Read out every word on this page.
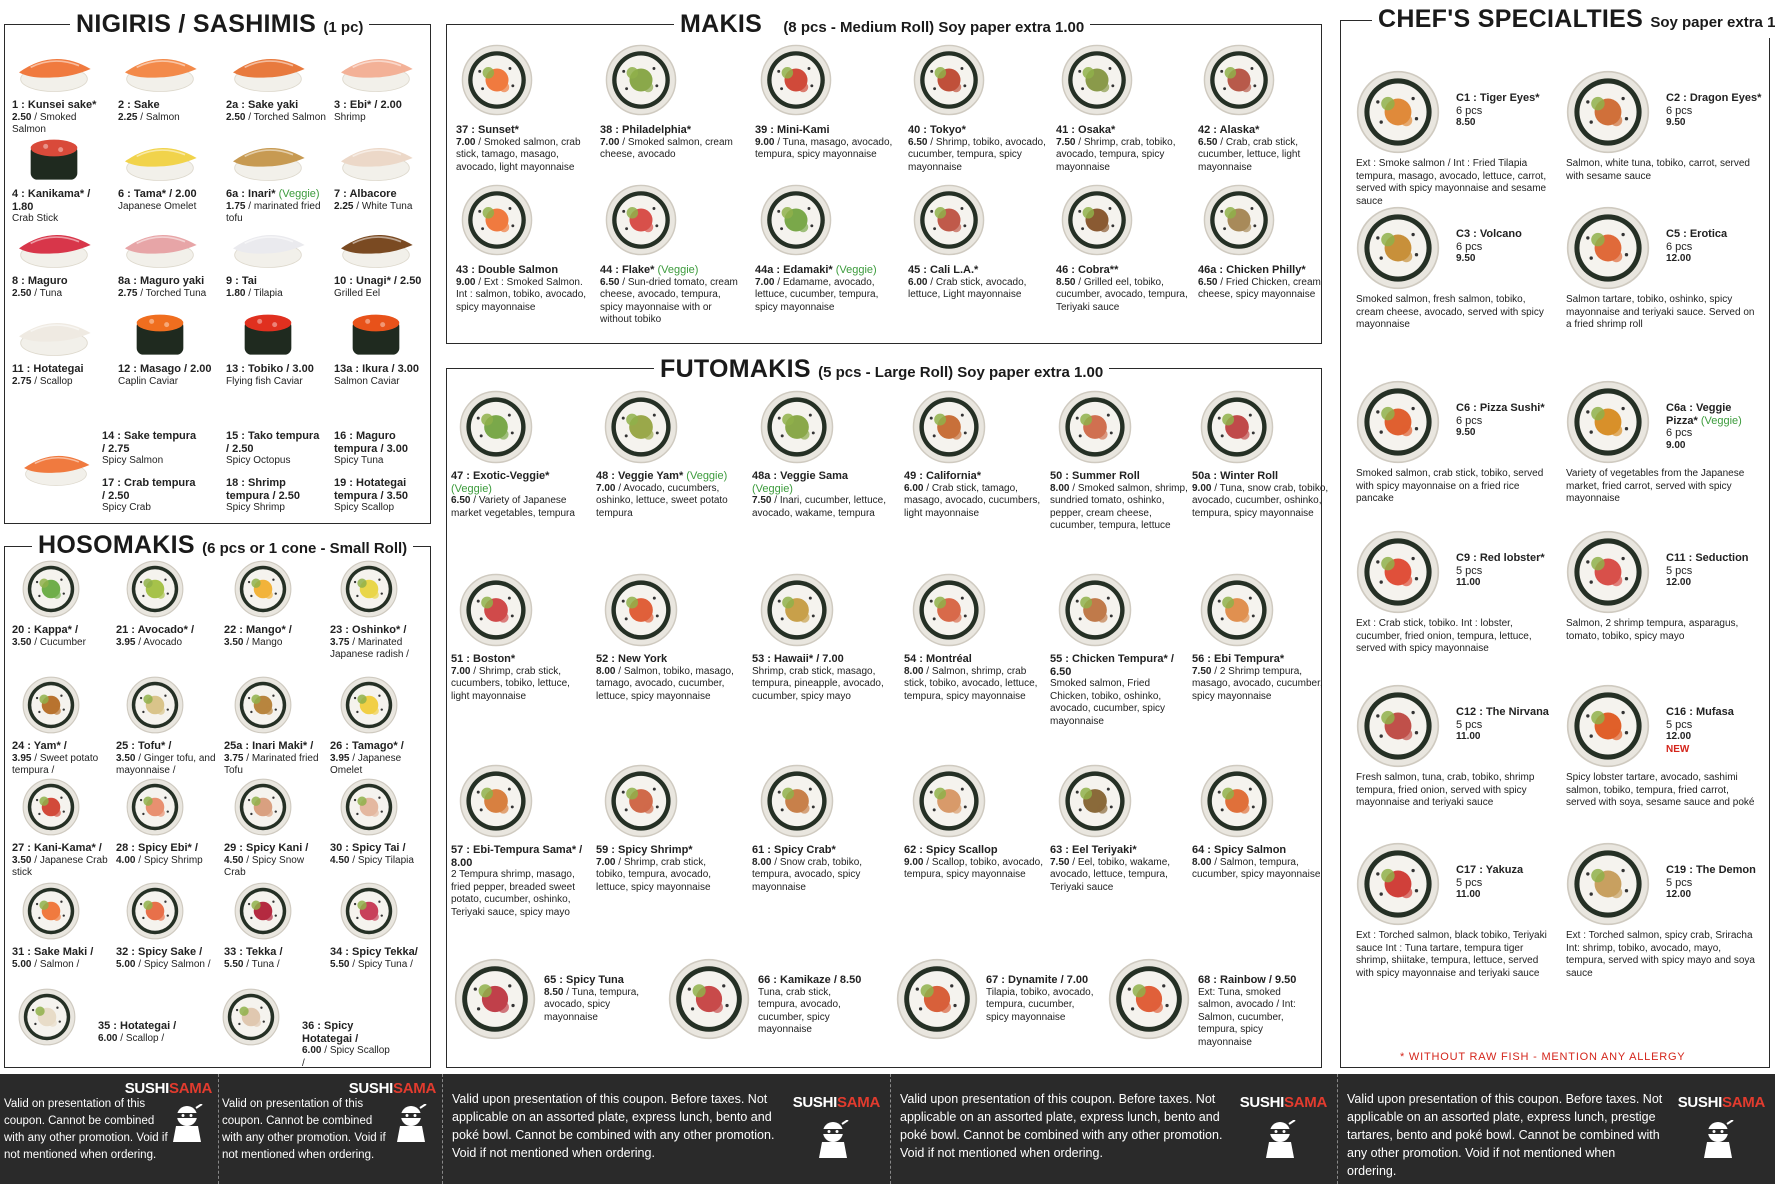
NIGIRIS / SASHIMIS (1 pc)
HOSOMAKIS (6 pcs or 1 cone - Small Roll)
MAKIS (8 pcs - Medium Roll) Soy paper extra 1.00
FUTOMAKIS (5 pcs - Large Roll) Soy paper extra 1.00
CHEF'S SPECIALTIES Soy paper extra 1
* WITHOUT RAW FISH - MENTION ANY ALLERGY
1 : Kunsei sake*
2.50 / Smoked Salmon
2 : Sake
2.25 / Salmon
2a : Sake yaki
2.50 / Torched Salmon
3 : Ebi* / 2.00
Shrimp
4 : Kanikama* / 1.80
Crab Stick
6 : Tama* / 2.00
Japanese Omelet
6a : Inari* (Veggie)
1.75 / marinated fried tofu
7 : Albacore
2.25 / White Tuna
8 : Maguro
2.50 / Tuna
8a : Maguro yaki
2.75 / Torched Tuna
9 : Tai
1.80 / Tilapia
10 : Unagi* / 2.50
Grilled Eel
11 : Hotategai
2.75 / Scallop
12 : Masago / 2.00
Caplin Caviar
13 : Tobiko / 3.00
Flying fish Caviar
13a : Ikura / 3.00
Salmon Caviar
14 : Sake tempura / 2.75
Spicy Salmon
15 : Tako tempura / 2.50
Spicy Octopus
16 : Maguro tempura / 3.00
Spicy Tuna
17 : Crab tempura / 2.50
Spicy Crab
18 : Shrimp tempura / 2.50
Spicy Shrimp
19 : Hotategai tempura / 3.50
Spicy Scallop
20 : Kappa* /
3.50 / Cucumber
21 : Avocado* /
3.95 / Avocado
22 : Mango* /
3.50 / Mango
23 : Oshinko* /
3.75 / Marinated Japanese radish /
24 : Yam* /
3.95 / Sweet potato tempura /
25 : Tofu* /
3.50 / Ginger tofu, and mayonnaise /
25a : Inari Maki* /
3.75 / Marinated fried Tofu
26 : Tamago* /
3.95 / Japanese Omelet
27 : Kani-Kama* /
3.50 / Japanese Crab stick
28 : Spicy Ebi* /
4.00 / Spicy Shrimp
29 : Spicy Kani /
4.50 / Spicy Snow Crab
30 : Spicy Tai /
4.50 / Spicy Tilapia
31 : Sake Maki /
5.00 / Salmon /
32 : Spicy Sake /
5.00 / Spicy Salmon /
33 : Tekka /
5.50 / Tuna /
34 : Spicy Tekka/
5.50 / Spicy Tuna /
35 : Hotategai /
6.00 / Scallop /
36 : Spicy Hotategai /
6.00 / Spicy Scallop /
37 : Sunset*
7.00 / Smoked salmon, crab stick, tamago, masago, avocado, light mayonnaise
38 : Philadelphia*
7.00 / Smoked salmon, cream cheese, avocado
39 : Mini-Kami
9.00 / Tuna, masago, avocado, tempura, spicy mayonnaise
40 : Tokyo*
6.50 / Shrimp, tobiko, avocado, cucumber, tempura, spicy mayonnaise
41 : Osaka*
7.50 / Shrimp, crab, tobiko, avocado, tempura, spicy mayonnaise
42 : Alaska*
6.50 / Crab, crab stick, cucumber, lettuce, light mayonnaise
43 : Double Salmon
9.00 / Ext : Smoked Salmon. Int : salmon, tobiko, avocado, spicy mayonnaise
44 : Flake* (Veggie)
6.50 / Sun-dried tomato, cream cheese, avocado, tempura, spicy mayonnaise with or without tobiko
44a : Edamaki* (Veggie)
7.00 / Edamame, avocado, lettuce, cucumber, tempura, spicy mayonnaise
45 : Cali L.A.*
6.00 / Crab stick, avocado, lettuce, Light mayonnaise
46 : Cobra**
8.50 / Grilled eel, tobiko, cucumber, avocado, tempura, Teriyaki sauce
46a : Chicken Philly*
6.50 / Fried Chicken, cream cheese, spicy mayonnaise
47 : Exotic-Veggie* (Veggie)
6.50 / Variety of Japanese market vegetables, tempura
48 : Veggie Yam* (Veggie)
7.00 / Avocado, cucumbers, oshinko, lettuce, sweet potato tempura
48a : Veggie Sama (Veggie)
7.50 / Inari, cucumber, lettuce, avocado, wakame, tempura
49 : California*
6.00 / Crab stick, tamago, masago, avocado, cucumbers, light mayonnaise
50 : Summer Roll
8.00 / Smoked salmon, shrimp, sundried tomato, oshinko, pepper, cream cheese, cucumber, tempura, lettuce
50a : Winter Roll
9.00 / Tuna, snow crab, tobiko, avocado, cucumber, oshinko, tempura, spicy mayonnaise
51 : Boston*
7.00 / Shrimp, crab stick, cucumbers, tobiko, lettuce, light mayonnaise
52 : New York
8.00 / Salmon, tobiko, masago, tamago, avocado, cucumber, lettuce, spicy mayonnaise
53 : Hawaii* / 7.00
Shrimp, crab stick, masago, tempura, pineapple, avocado, cucumber, spicy mayo
54 : Montréal
8.00 / Salmon, shrimp, crab stick, tobiko, avocado, lettuce, tempura, spicy mayonnaise
55 : Chicken Tempura* / 6.50
Smoked salmon, Fried Chicken, tobiko, oshinko, avocado, cucumber, spicy mayonnaise
56 : Ebi Tempura*
7.50 / 2 Shrimp tempura, masago, avocado, cucumber, spicy mayonnaise
57 : Ebi-Tempura Sama* / 8.00
2 Tempura shrimp, masago, fried pepper, breaded sweet potato, cucumber, oshinko, Teriyaki sauce, spicy mayo
59 : Spicy Shrimp*
7.00 / Shrimp, crab stick, tobiko, tempura, avocado, lettuce, spicy mayonnaise
61 : Spicy Crab*
8.00 / Snow crab, tobiko, tempura, avocado, spicy mayonnaise
62 : Spicy Scallop
9.00 / Scallop, tobiko, avocado, tempura, spicy mayonnaise
63 : Eel Teriyaki*
7.50 / Eel, tobiko, wakame, avocado, lettuce, tempura, Teriyaki sauce
64 : Spicy Salmon
8.00 / Salmon, tempura, cucumber, spicy mayonnaise
65 : Spicy Tuna
8.50 / Tuna, tempura, avocado, spicy mayonnaise
66 : Kamikaze / 8.50
Tuna, crab stick, tempura, avocado, cucumber, spicy mayonnaise
67 : Dynamite / 7.00
Tilapia, tobiko, avocado, tempura, cucumber, spicy mayonnaise
68 : Rainbow / 9.50
Ext: Tuna, smoked salmon, avocado / Int: Salmon, cucumber, tempura, spicy mayonnaise
C1 : Tiger Eyes*
6 pcs
8.50

Ext : Smoke salmon / Int : Fried Tilapia tempura, masago, avocado, lettuce, carrot, served with spicy mayonnaise and sesame sauce
C2 : Dragon Eyes*
6 pcs
9.50

Salmon, white tuna, tobiko, carrot, served with sesame sauce
C3 : Volcano
6 pcs
9.50

Smoked salmon, fresh salmon, tobiko, cream cheese, avocado, served with spicy mayonnaise
C5 : Erotica
6 pcs
12.00

Salmon tartare, tobiko, oshinko, spicy mayonnaise and teriyaki sauce. Served on a fried shrimp roll
C6 : Pizza Sushi*
6 pcs
9.50

Smoked salmon, crab stick, tobiko, served with spicy mayonnaise on a fried rice pancake
C6a : Veggie Pizza* (Veggie)
6 pcs
9.00

Variety of vegetables from the Japanese market, fried carrot, served with spicy mayonnaise
C9 : Red lobster*
5 pcs
11.00

Ext : Crab stick, tobiko. Int : lobster, cucumber, fried onion, tempura, lettuce, served with spicy mayonnaise
C11 : Seduction
5 pcs
12.00

Salmon, 2 shrimp tempura, asparagus, tomato, tobiko, spicy mayo
C12 : The Nirvana
5 pcs
11.00

Fresh salmon, tuna, crab, tobiko, shrimp tempura, fried onion, served with spicy mayonnaise and teriyaki sauce
C16 : Mufasa
5 pcs
12.00
NEW

Spicy lobster tartare, avocado, sashimi salmon, tobiko, tempura, fried carrot, served with soya, sesame sauce and poké
C17 : Yakuza
5 pcs
11.00

Ext : Torched salmon, black tobiko, Teriyaki sauce Int : Tuna tartare, tempura tiger shrimp, shiitake, tempura, lettuce, served with spicy mayonnaise and teriyaki sauce
C19 : The Demon
5 pcs
12.00

Ext : Torched salmon, spicy crab, Sriracha Int: shrimp, tobiko, avocado, mayo, tempura, served with spicy mayo and soya sauce
Valid on presentation of this coupon. Cannot be combined with any other promotion. Void if not mentioned when ordering.
SUSHISAMA
Valid on presentation of this coupon. Cannot be combined with any other promotion. Void if not mentioned when ordering.
SUSHISAMA
Valid upon presentation of this coupon. Before taxes. Not applicable on an assorted plate, express lunch, bento and poké bowl. Cannot be combined with any other promotion. Void if not mentioned when ordering.
SUSHISAMA Valid upon presentation of this coupon. Before taxes. Not applicable on an assorted plate, express lunch, bento and poké bowl. Cannot be combined with any other promotion. Void if not mentioned when ordering.
SUSHISAMA Valid upon presentation of this coupon. Before taxes. Not applicable on an assorted plate, express lunch, prestige tartares, bento and poké bowl. Cannot be combined with any other promotion. Void if not mentioned when ordering.
SUSHISAMA
